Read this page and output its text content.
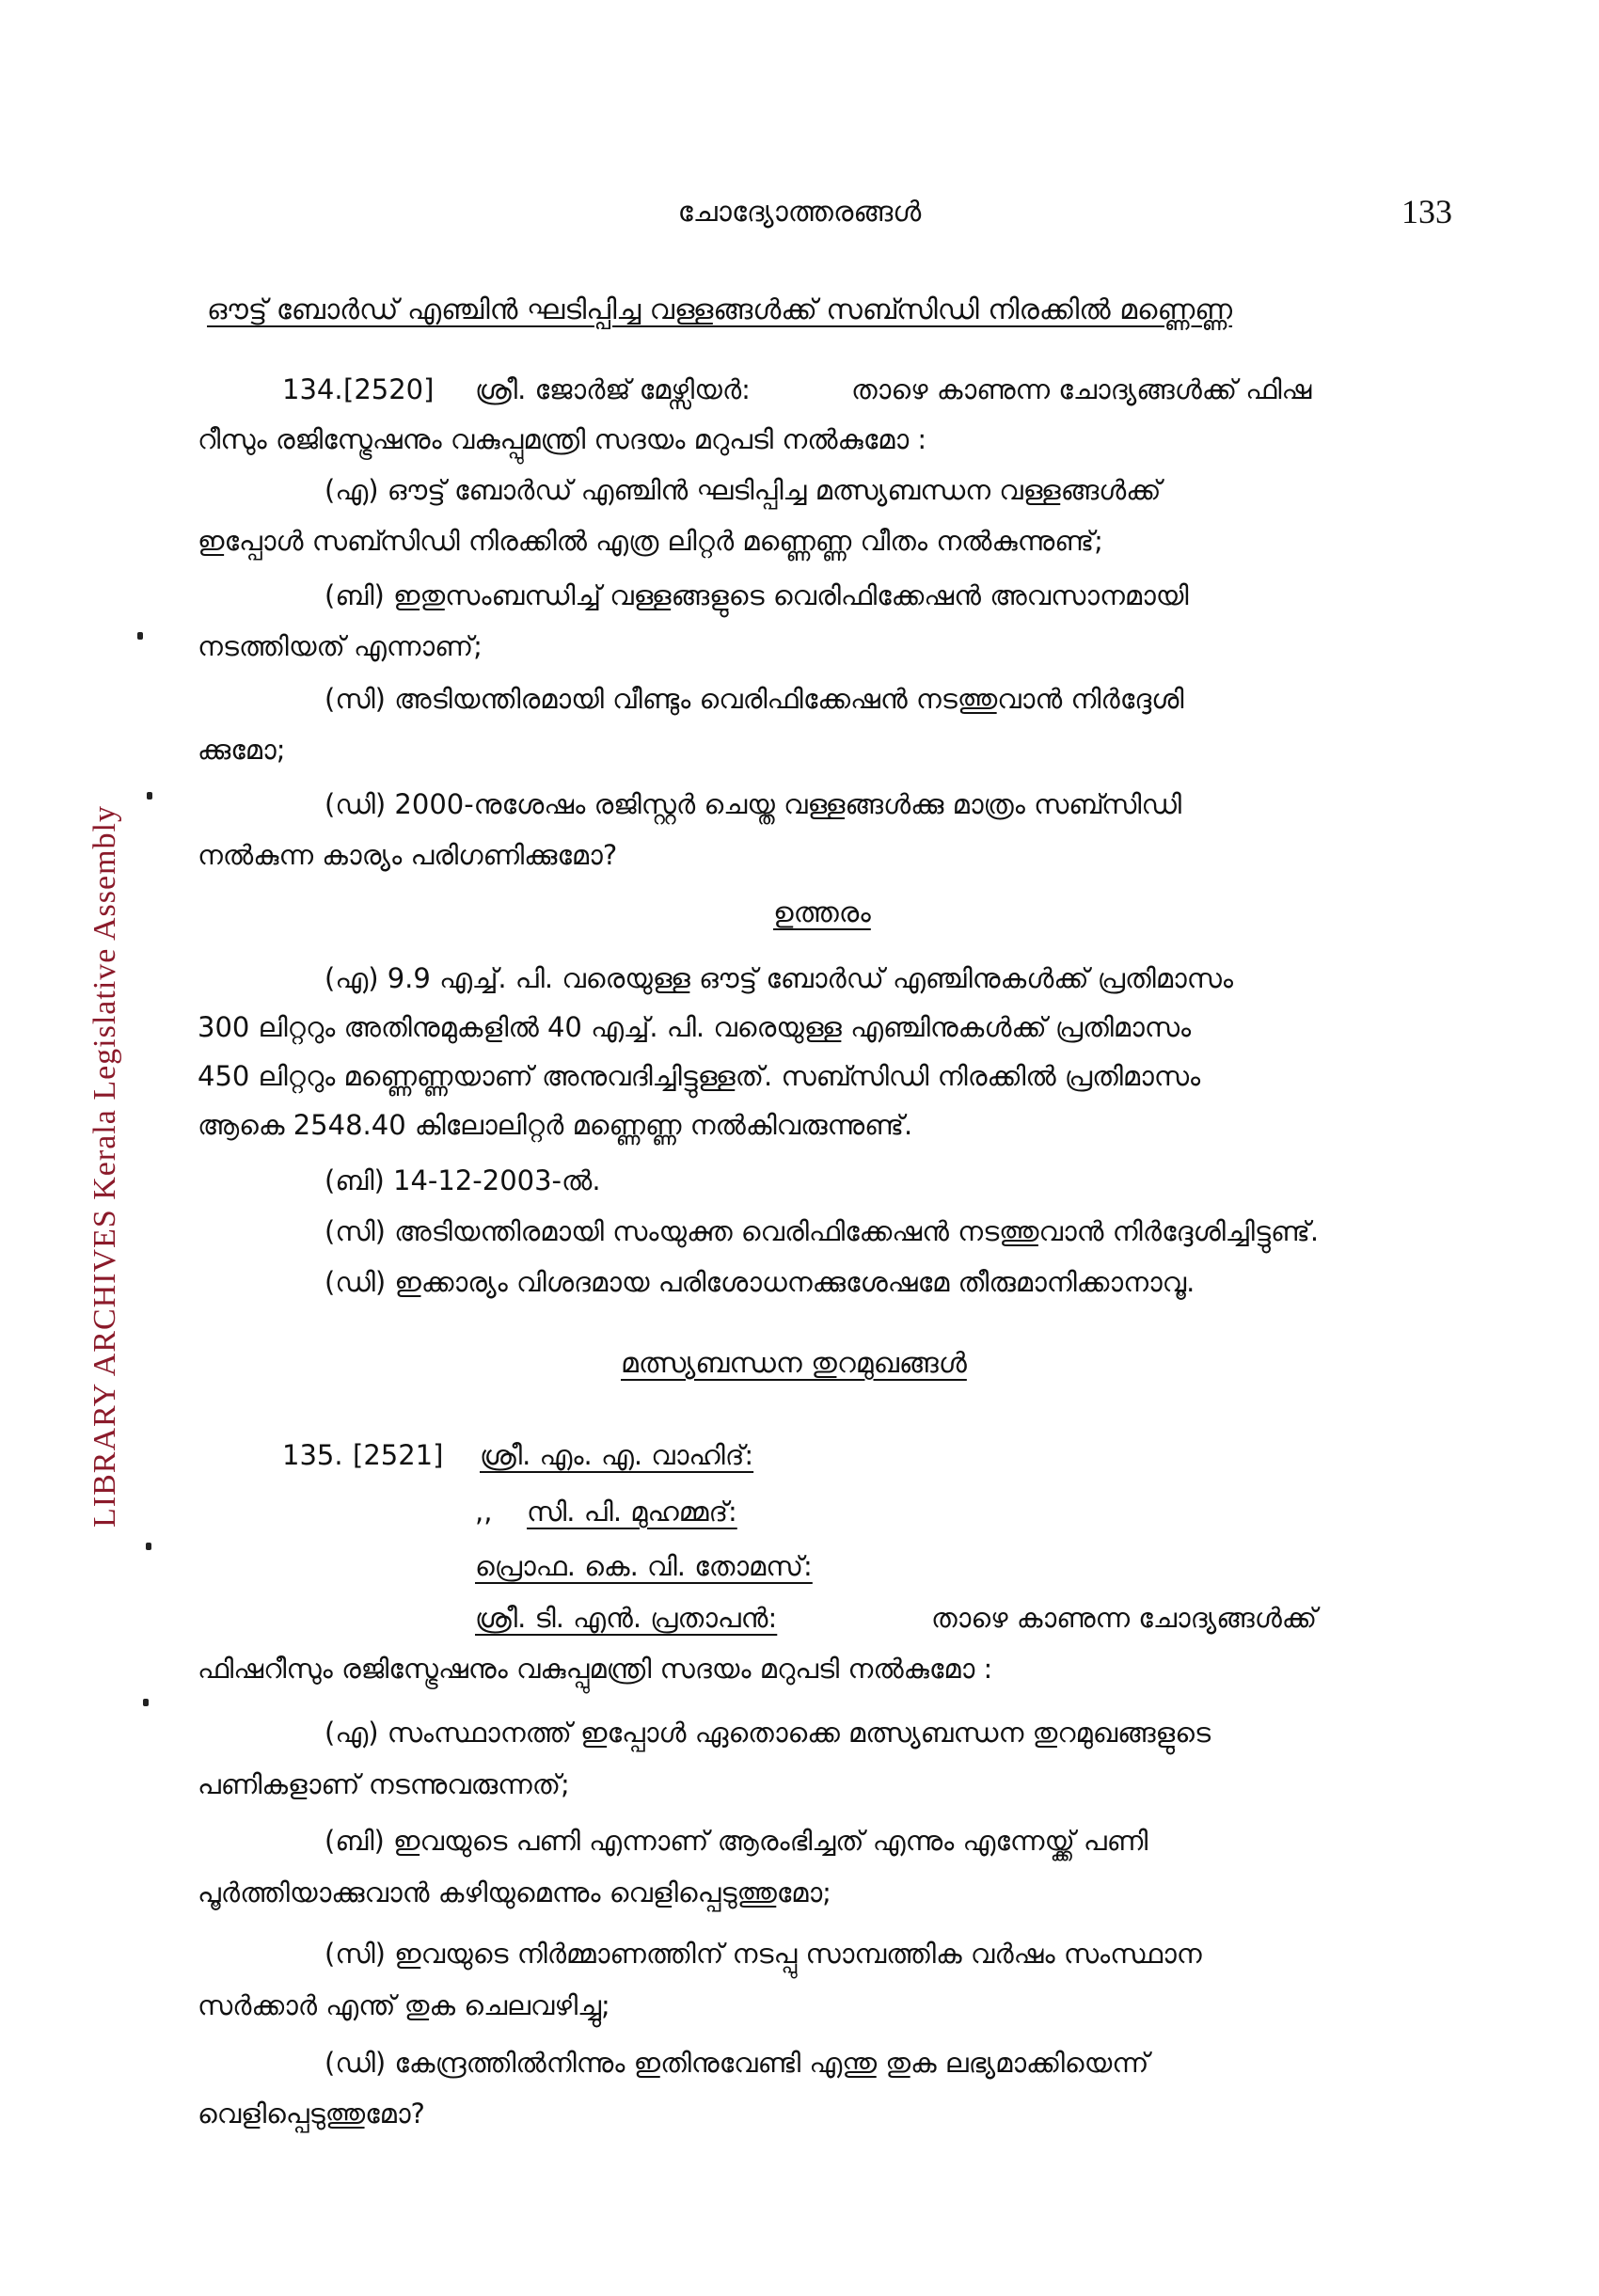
LIBRARY ARCHIVES Kerala Legislative Assembly
ചോദ്യോത്തരങ്ങൾ	133
ഔട്ട് ബോർഡ് എഞ്ചിൻ ഘടിപ്പിച്ച വള്ളങ്ങൾക്ക് സബ്സിഡി നിരക്കിൽ മണ്ണെണ്ണ
134. [2520] ശ്രീ. ജോർജ് മേഴ്സിയർ:	താഴെ കാണുന്ന ചോദ്യങ്ങൾക്ക് ഫിഷ
റീസും രജിസ്ട്രേഷനും വകുപ്പുമന്ത്രി സദയം മറുപടി നൽകുമോ :
(എ) ഔട്ട് ബോർഡ് എഞ്ചിൻ ഘടിപ്പിച്ച മത്സ്യബന്ധന വള്ളങ്ങൾക്ക്
ഇപ്പോൾ സബ്സിഡി നിരക്കിൽ എത്ര ലിറ്റർ മണ്ണെണ്ണ വീതം നൽകുന്നുണ്ട്;
(ബി) ഇതുസംബന്ധിച്ച് വള്ളങ്ങളുടെ വെരിഫിക്കേഷൻ അവസാനമായി
നടത്തിയത് എന്നാണ്;
(സി) അടിയന്തിരമായി വീണ്ടും വെരിഫിക്കേഷൻ നടത്തുവാൻ നിർദ്ദേശി
ക്കുമോ;
(ഡി) 2000-നുശേഷം രജിസ്റ്റർ ചെയ്ത വള്ളങ്ങൾക്കു മാത്രം സബ്സിഡി
നൽകുന്ന കാര്യം പരിഗണിക്കുമോ?
ഉത്തരം
(എ) 9.9 എച്ച്. പി. വരെയുള്ള ഔട്ട് ബോർഡ് എഞ്ചിനുകൾക്ക് പ്രതിമാസം
300 ലിറ്ററും അതിനുമുകളിൽ 40 എച്ച്. പി. വരെയുള്ള എഞ്ചിനുകൾക്ക് പ്രതിമാസം
450 ലിറ്ററും മണ്ണെണ്ണയാണ് അനുവദിച്ചിട്ടുള്ളത്. സബ്സിഡി നിരക്കിൽ പ്രതിമാസം
ആകെ 2548.40 കിലോലിറ്റർ മണ്ണെണ്ണ നൽകിവരുന്നുണ്ട്.
(ബി) 14-12-2003-ൽ.
(സി) അടിയന്തിരമായി സംയുക്ത വെരിഫിക്കേഷൻ നടത്തുവാൻ നിർദ്ദേശിച്ചിട്ടുണ്ട്.
(ഡി) ഇക്കാര്യം വിശദമായ പരിശോധനക്കുശേഷമേ തീരുമാനിക്കാനാവൂ.
മത്സ്യബന്ധന തുറമുഖങ്ങൾ
135. [2521] ശ്രീ. എം. എ. വാഹിദ്:
,, സി. പി. മുഹമ്മദ്:
പ്രൊഫ. കെ. വി. തോമസ്:
ശ്രീ. ടി. എൻ. പ്രതാപൻ:	താഴെ കാണുന്ന ചോദ്യങ്ങൾക്ക്
ഫിഷറീസും രജിസ്ട്രേഷനും വകുപ്പുമന്ത്രി സദയം മറുപടി നൽകുമോ :
(എ) സംസ്ഥാനത്ത് ഇപ്പോൾ ഏതൊക്കെ മത്സ്യബന്ധന തുറമുഖങ്ങളുടെ
പണികളാണ് നടന്നുവരുന്നത്;
(ബി) ഇവയുടെ പണി എന്നാണ് ആരംഭിച്ചത് എന്നും എന്നേയ്ക്ക് പണി
പൂർത്തിയാക്കുവാൻ കഴിയുമെന്നും വെളിപ്പെടുത്തുമോ;
(സി) ഇവയുടെ നിർമ്മാണത്തിന് നടപ്പു സാമ്പത്തിക വർഷം സംസ്ഥാന
സർക്കാർ എന്ത് തുക ചെലവഴിച്ചു;
(ഡി) കേന്ദ്രത്തിൽനിന്നും ഇതിനുവേണ്ടി എന്തു തുക ലഭ്യമാക്കിയെന്ന്
വെളിപ്പെടുത്തുമോ?
